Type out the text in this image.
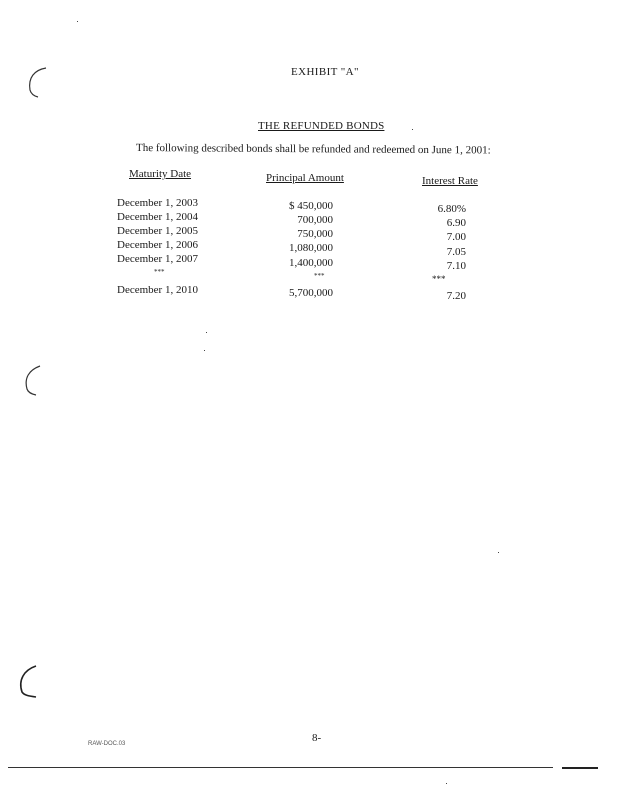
EXHIBIT "A"
THE REFUNDED BONDS
The following described bonds shall be refunded and redeemed on June 1, 2001:
Maturity Date	Principal Amount	Interest Rate
December 1, 2003	$ 450,000	6.80%
December 1, 2004	700,000	6.90
December 1, 2005	750,000	7.00
December 1, 2006	1,080,000	7.05
December 1, 2007	1,400,000	7.10
***	***	***
December 1, 2010	5,700,000	7.20
8-
RAW-DOC.03
